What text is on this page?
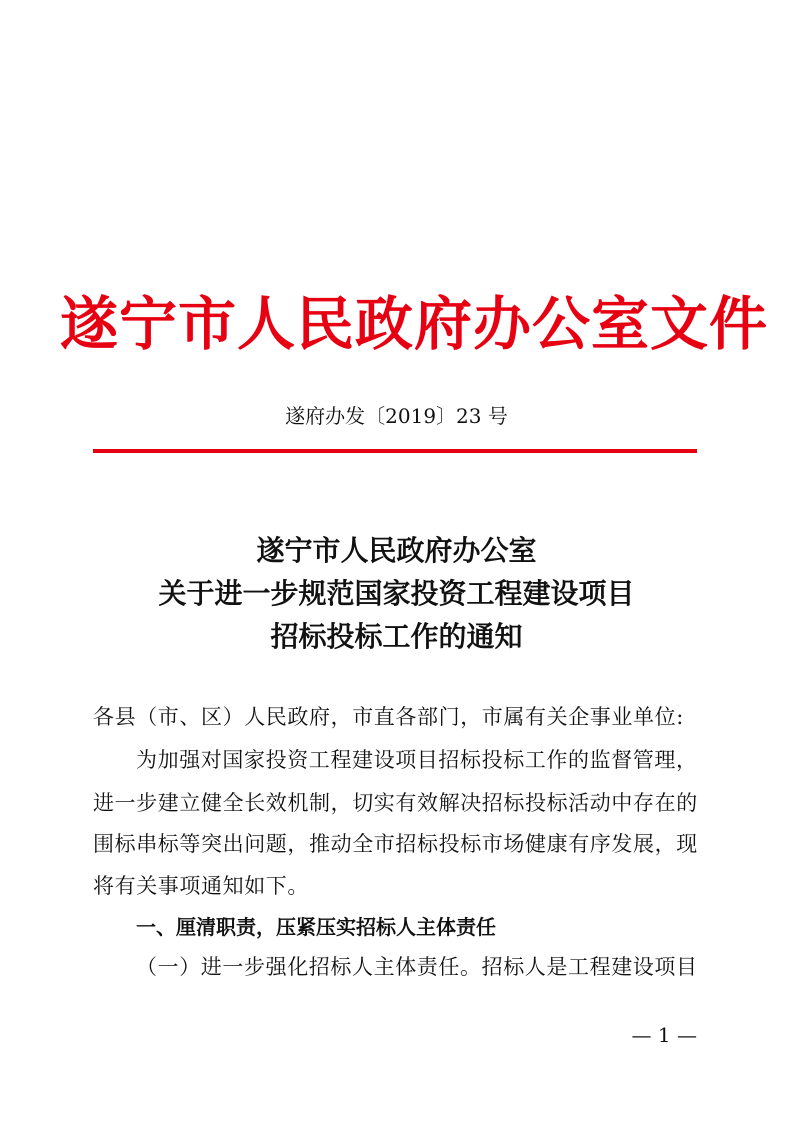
遂宁市人民政府办公室文件
遂府办发〔2019〕23 号
遂宁市人民政府办公室
关于进一步规范国家投资工程建设项目
招标投标工作的通知
各县（市、区）人民政府，市直各部门，市属有关企事业单位:
为加强对国家投资工程建设项目招标投标工作的监督管理，
进一步建立健全长效机制，切实有效解决招标投标活动中存在的
围标串标等突出问题，推动全市招标投标市场健康有序发展，现
将有关事项通知如下。
一、厘清职责，压紧压实招标人主体责任
（一）进一步强化招标人主体责任。招标人是工程建设项目
— 1 —
